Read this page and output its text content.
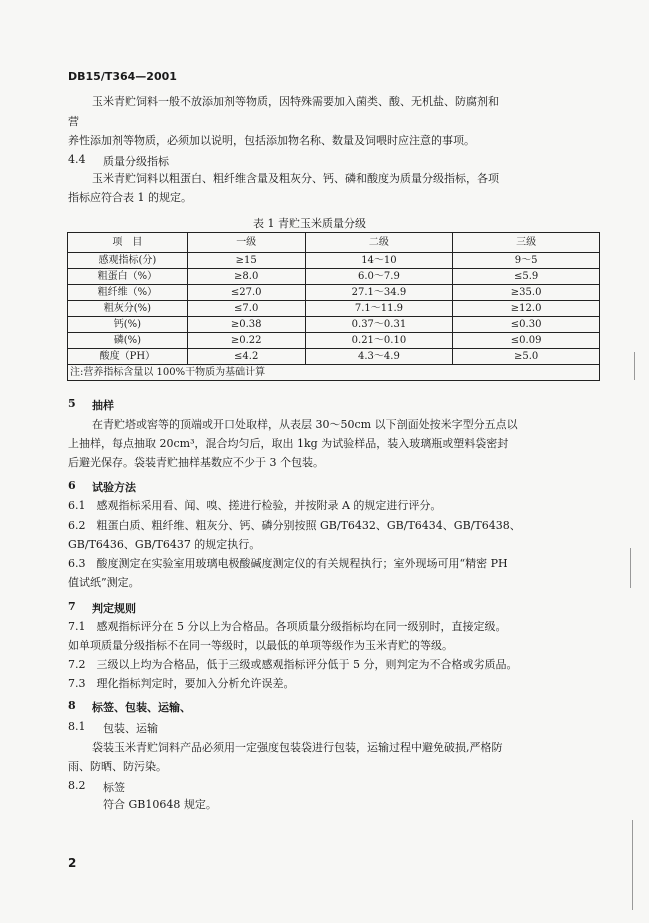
DB15/T364—2001
玉米青贮饲料一般不放添加剂等物质，因特殊需要加入菌类、酸、无机盐、防腐剂和
营
养性添加剂等物质，必须加以说明，包括添加物名称、数量及饲喂时应注意的事项。
4.4 质量分级指标
玉米青贮饲料以粗蛋白、粗纤维含量及粗灰分、钙、磷和酸度为质量分级指标，各项
指标应符合表 1 的规定。
表 1 青贮玉米质量分级
项　目	一级	二级	三级
感观指标(分)	≥15	14～10	9～5
粗蛋白（%）	≥8.0	6.0～7.9	≤5.9
粗纤维（%）	≤27.0	27.1～34.9	≥35.0
粗灰分(%)	≤7.0	7.1～11.9	≥12.0
钙(%)	≥0.38	0.37～0.31	≤0.30
磷(%)	≥0.22	0.21～0.10	≤0.09
酸度（PH）	≤4.2	4.3～4.9	≥5.0
注:营养指标含量以 100%干物质为基础计算			
5 抽样
在青贮塔或窖等的顶端或开口处取样，从表层 30～50cm 以下剖面处按米字型分五点以
上抽样，每点抽取 20cm³，混合均匀后，取出 1kg 为试验样品，装入玻璃瓶或塑料袋密封
后避光保存。袋装青贮抽样基数应不少于 3 个包装。
6 试验方法
6.1　感观指标采用看、闻、嗅、搓进行检验，并按附录 A 的规定进行评分。
6.2　粗蛋白质、粗纤维、粗灰分、钙、磷分别按照 GB/T6432、GB/T6434、GB/T6438、
GB/T6436、GB/T6437 的规定执行。
6.3　酸度测定在实验室用玻璃电极酸碱度测定仪的有关规程执行；室外现场可用“精密 PH
值试纸”测定。
7 判定规则
7.1　感观指标评分在 5 分以上为合格品。各项质量分级指标均在同一级别时，直接定级。
如单项质量分级指标不在同一等级时，以最低的单项等级作为玉米青贮的等级。
7.2　三级以上均为合格品，低于三级或感观指标评分低于 5 分，则判定为不合格或劣质品。
7.3　理化指标判定时，要加入分析允许误差。
8 标签、包装、运输、
8.1 包装、运输
袋装玉米青贮饲料产品必须用一定强度包装袋进行包装，运输过程中避免破损,严格防
雨、防晒、防污染。
8.2 标签
符合 GB10648 规定。
2
